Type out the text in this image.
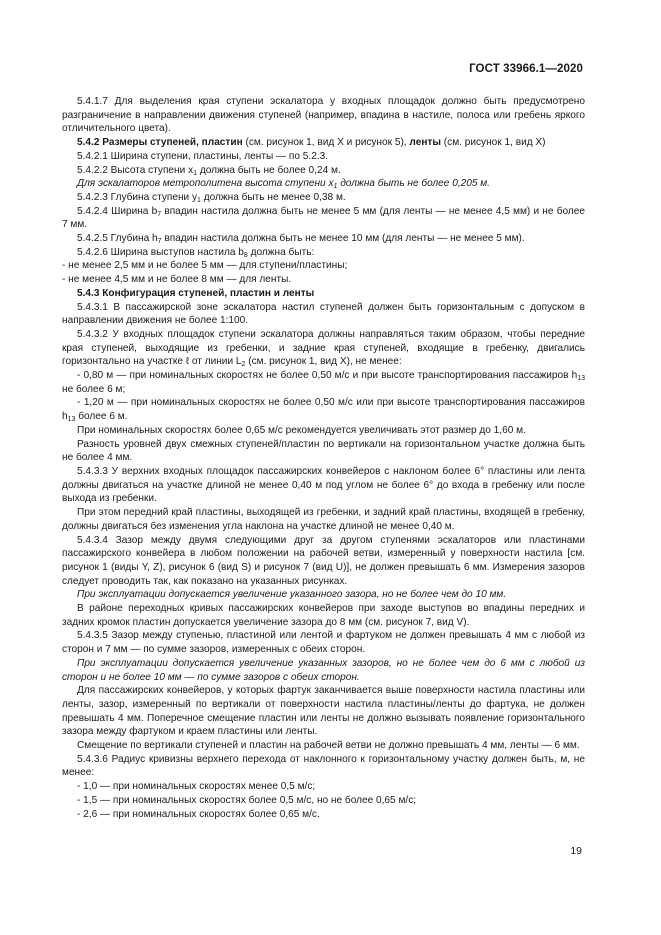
ГОСТ 33966.1—2020

5.4.1.7 Для выделения края ступени эскалатора у входных площадок должно быть предусмотрено разграничение в направлении движения ступеней (например, впадина в настиле, полоса или гребень яркого отличительного цвета).

5.4.2 Размеры ступеней, пластин (см. рисунок 1, вид X и рисунок 5), ленты (см. рисунок 1, вид X)

5.4.2.1 Ширина ступени, пластины, ленты — по 5.2.3.

5.4.2.2 Высота ступени $x_1$ должна быть не более 0,24 м.

Для эскалаторов метрополитена высота ступени $x_1$ должна быть не более 0,205 м.

5.4.2.3 Глубина ступени $y_1$ должна быть не менее 0,38 м.

5.4.2.4 Ширина $b_7$ впадин настила должна быть не менее 5 мм (для ленты — не менее 4,5 мм) и не более 7 мм.

5.4.2.5 Глубина $h_7$ впадин настила должна быть не менее 10 мм (для ленты — не менее 5 мм).

5.4.2.6 Ширина выступов настила $b_8$ должна быть:

- не менее 2,5 мм и не более 5 мм — для ступени/пластины;

- не менее 4,5 мм и не более 8 мм — для ленты.

5.4.3 Конфигурация ступеней, пластин и ленты

5.4.3.1 В пассажирской зоне эскалатора настил ступеней должен быть горизонтальным с допуском в направлении движения не более 1:100.

5.4.3.2 У входных площадок ступени эскалатора должны направляться таким образом, чтобы передние края ступеней, выходящие из гребенки, и задние края ступеней, входящие в гребенку, двигались горизонтально на участке ℓ от линии $L_2$ (см. рисунок 1, вид X), не менее:

- 0,80 м — при номинальных скоростях не более 0,50 м/с и при высоте транспортирования пассажиров $h_{13}$ не более 6 м;

- 1,20 м — при номинальных скоростях не более 0,50 м/с или при высоте транспортирования пассажиров $h_{13}$ более 6 м.

При номинальных скоростях более 0,65 м/с рекомендуется увеличивать этот размер до 1,60 м.

Разность уровней двух смежных ступеней/пластин по вертикали на горизонтальном участке должна быть не более 4 мм.

5.4.3.3 У верхних входных площадок пассажирских конвейеров с наклоном более 6° пластины или лента должны двигаться на участке длиной не менее 0,40 м под углом не более 6° до входа в гребенку или после выхода из гребенки.

При этом передний край пластины, выходящей из гребенки, и задний край пластины, входящей в гребенку, должны двигаться без изменения угла наклона на участке длиной не менее 0,40 м.

5.4.3.4 Зазор между двумя следующими друг за другом ступенями эскалаторов или пластинами пассажирского конвейера в любом положении на рабочей ветви, измеренный у поверхности настила [см. рисунок 1 (виды Y, Z), рисунок 6 (вид S) и рисунок 7 (вид U)], не должен превышать 6 мм. Измерения зазоров следует проводить так, как показано на указанных рисунках.

При эксплуатации допускается увеличение указанного зазора, но не более чем до 10 мм.

В районе переходных кривых пассажирских конвейеров при заходе выступов во впадины передних и задних кромок пластин допускается увеличение зазора до 8 мм (см. рисунок 7, вид V).

5.4.3.5 Зазор между ступенью, пластиной или лентой и фартуком не должен превышать 4 мм с любой из сторон и 7 мм — по сумме зазоров, измеренных с обеих сторон.

При эксплуатации допускается увеличение указанных зазоров, но не более чем до 6 мм с любой из сторон и не более 10 мм — по сумме зазоров с обеих сторон.

Для пассажирских конвейеров, у которых фартук заканчивается выше поверхности настила пластины или ленты, зазор, измеренный по вертикали от поверхности настила пластины/ленты до фартука, не должен превышать 4 мм. Поперечное смещение пластин или ленты не должно вызывать появление горизонтального зазора между фартуком и краем пластины или ленты.

Смещение по вертикали ступеней и пластин на рабочей ветви не должно превышать 4 мм, ленты — 6 мм.

5.4.3.6 Радиус кривизны верхнего перехода от наклонного к горизонтальному участку должен быть, м, не менее:

- 1,0 — при номинальных скоростях менее 0,5 м/с;

- 1,5 — при номинальных скоростях более 0,5 м/с, но не более 0,65 м/с;

- 2,6 — при номинальных скоростях более 0,65 м/с.

19
